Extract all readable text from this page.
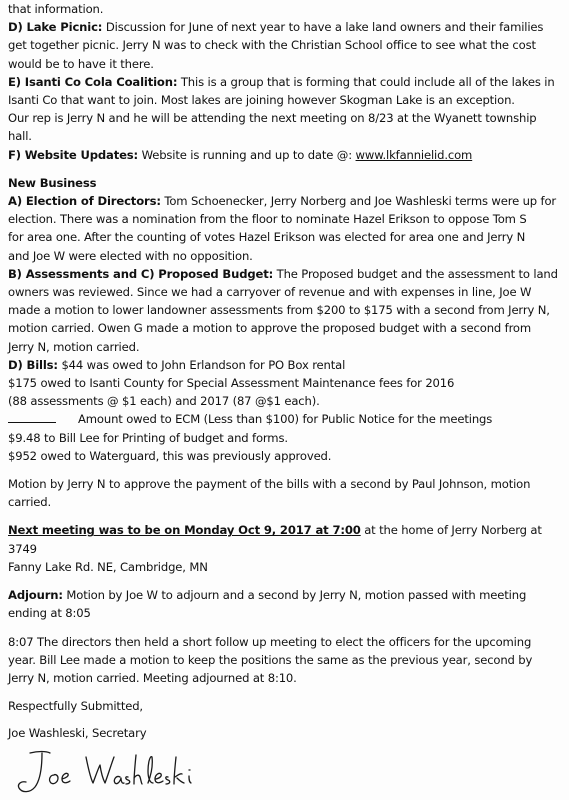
that information.

D) Lake Picnic: Discussion for June of next year to have a lake land owners and their families

get together picnic. Jerry N was to check with the Christian School office to see what the cost

would be to have it there.

E) Isanti Co Cola Coalition: This is a group that is forming that could include all of the lakes in

Isanti Co that want to join. Most lakes are joining however Skogman Lake is an exception.

Our rep is Jerry N and he will be attending the next meeting on 8/23 at the Wyanett township

hall.

F) Website Updates: Website is running and up to date @: www.lkfannielid.com

New Business

A) Election of Directors: Tom Schoenecker, Jerry Norberg and Joe Washleski terms were up for

election. There was a nomination from the floor to nominate Hazel Erikson to oppose Tom S

for area one. After the counting of votes Hazel Erikson was elected for area one and Jerry N

and Joe W were elected with no opposition.

B) Assessments and C) Proposed Budget: The Proposed budget and the assessment to land

owners was reviewed. Since we had a carryover of revenue and with expenses in line, Joe W

made a motion to lower landowner assessments from $200 to $175 with a second from Jerry N,

motion carried. Owen G made a motion to approve the proposed budget with a second from

Jerry N, motion carried.

D) Bills: $44 was owed to John Erlandson for PO Box rental

$175 owed to Isanti County for Special Assessment Maintenance fees for 2016

(88 assessments @ $1 each) and 2017 (87 @$1 each).

Amount owed to ECM (Less than $100) for Public Notice for the meetings

$9.48 to Bill Lee for Printing of budget and forms.

$952 owed to Waterguard, this was previously approved.

Motion by Jerry N to approve the payment of the bills with a second by Paul Johnson, motion

carried.

Next meeting was to be on Monday Oct 9, 2017 at 7:00 at the home of Jerry Norberg at 3749

Fanny Lake Rd. NE, Cambridge, MN

Adjourn: Motion by Joe W to adjourn and a second by Jerry N, motion passed with meeting

ending at 8:05

8:07 The directors then held a short follow up meeting to elect the officers for the upcoming

year. Bill Lee made a motion to keep the positions the same as the previous year, second by

Jerry N, motion carried. Meeting adjourned at 8:10.

Respectfully Submitted,

Joe Washleski, Secretary
